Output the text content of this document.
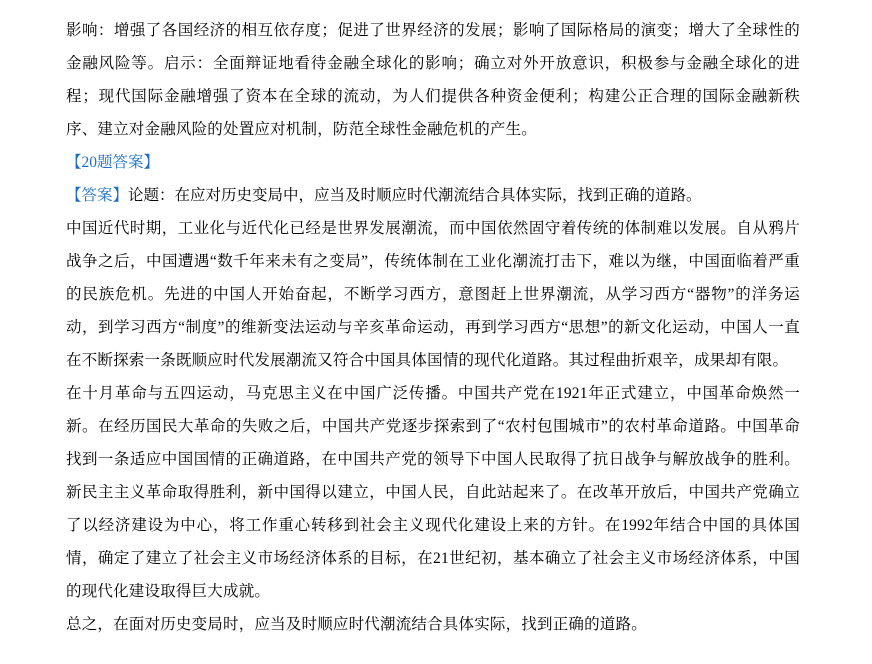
影响：增强了各国经济的相互依存度；促进了世界经济的发展；影响了国际格局的演变；增大了全球性的金融风险等。启示：全面辩证地看待金融全球化的影响；确立对外开放意识，积极参与金融全球化的进程；现代国际金融增强了资本在全球的流动，为人们提供各种资金便利；构建公正合理的国际金融新秩序、建立对金融风险的处置应对机制，防范全球性金融危机的产生。

【20题答案】

【答案】论题：在应对历史变局中，应当及时顺应时代潮流结合具体实际，找到正确的道路。

中国近代时期，工业化与近代化已经是世界发展潮流，而中国依然固守着传统的体制难以发展。自从鸦片战争之后，中国遭遇“数千年来未有之变局”，传统体制在工业化潮流打击下，难以为继，中国面临着严重的民族危机。先进的中国人开始奋起，不断学习西方，意图赶上世界潮流，从学习西方“器物”的洋务运动，到学习西方“制度”的维新变法运动与辛亥革命运动，再到学习西方“思想”的新文化运动，中国人一直在不断探索一条既顺应时代发展潮流又符合中国具体国情的现代化道路。其过程曲折艰辛，成果却有限。

在十月革命与五四运动，马克思主义在中国广泛传播。中国共产党在1921年正式建立，中国革命焕然一新。在经历国民大革命的失败之后，中国共产党逐步探索到了“农村包围城市”的农村革命道路。中国革命找到一条适应中国国情的正确道路，在中国共产党的领导下中国人民取得了抗日战争与解放战争的胜利。新民主主义革命取得胜利，新中国得以建立，中国人民，自此站起来了。在改革开放后，中国共产党确立了以经济建设为中心，将工作重心转移到社会主义现代化建设上来的方针。在1992年结合中国的具体国情，确定了建立了社会主义市场经济体系的目标，在21世纪初，基本确立了社会主义市场经济体系，中国的现代化建设取得巨大成就。

总之，在面对历史变局时，应当及时顺应时代潮流结合具体实际，找到正确的道路。
